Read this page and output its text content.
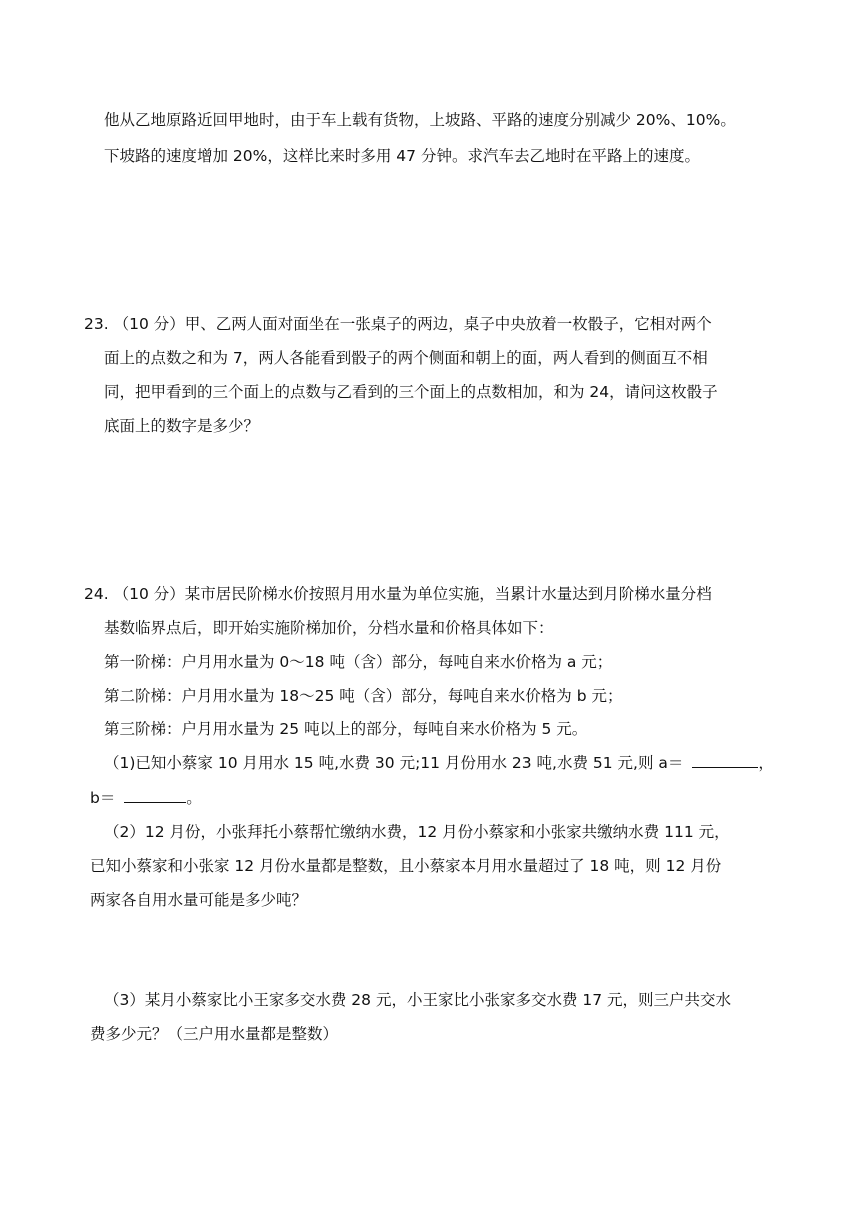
他从乙地原路近回甲地时，由于车上载有货物，上坡路、平路的速度分别减少 20%、10%。
下坡路的速度增加 20%，这样比来时多用 47 分钟。求汽车去乙地时在平路上的速度。
23. （10 分）甲、乙两人面对面坐在一张桌子的两边，桌子中央放着一枚骰子，它相对两个
面上的点数之和为 7，两人各能看到骰子的两个侧面和朝上的面，两人看到的侧面互不相
同，把甲看到的三个面上的点数与乙看到的三个面上的点数相加，和为 24，请问这枚骰子
底面上的数字是多少？
24. （10 分）某市居民阶梯水价按照月用水量为单位实施，当累计水量达到月阶梯水量分档
基数临界点后，即开始实施阶梯加价，分档水量和价格具体如下：
第一阶梯：户月用水量为 0～18 吨（含）部分，每吨自来水价格为 a 元；
第二阶梯：户月用水量为 18～25 吨（含）部分，每吨自来水价格为 b 元；
第三阶梯：户月用水量为 25 吨以上的部分，每吨自来水价格为 5 元。
（1)已知小蔡家 10 月用水 15 吨,水费 30 元;11 月份用水 23 吨,水费 51 元,则 a＝	，
b＝	。
（2）12 月份，小张拜托小蔡帮忙缴纳水费，12 月份小蔡家和小张家共缴纳水费 111 元，
已知小蔡家和小张家 12 月份水量都是整数，且小蔡家本月用水量超过了 18 吨，则 12 月份
两家各自用水量可能是多少吨？
（3）某月小蔡家比小王家多交水费 28 元，小王家比小张家多交水费 17 元，则三户共交水
费多少元？（三户用水量都是整数）
